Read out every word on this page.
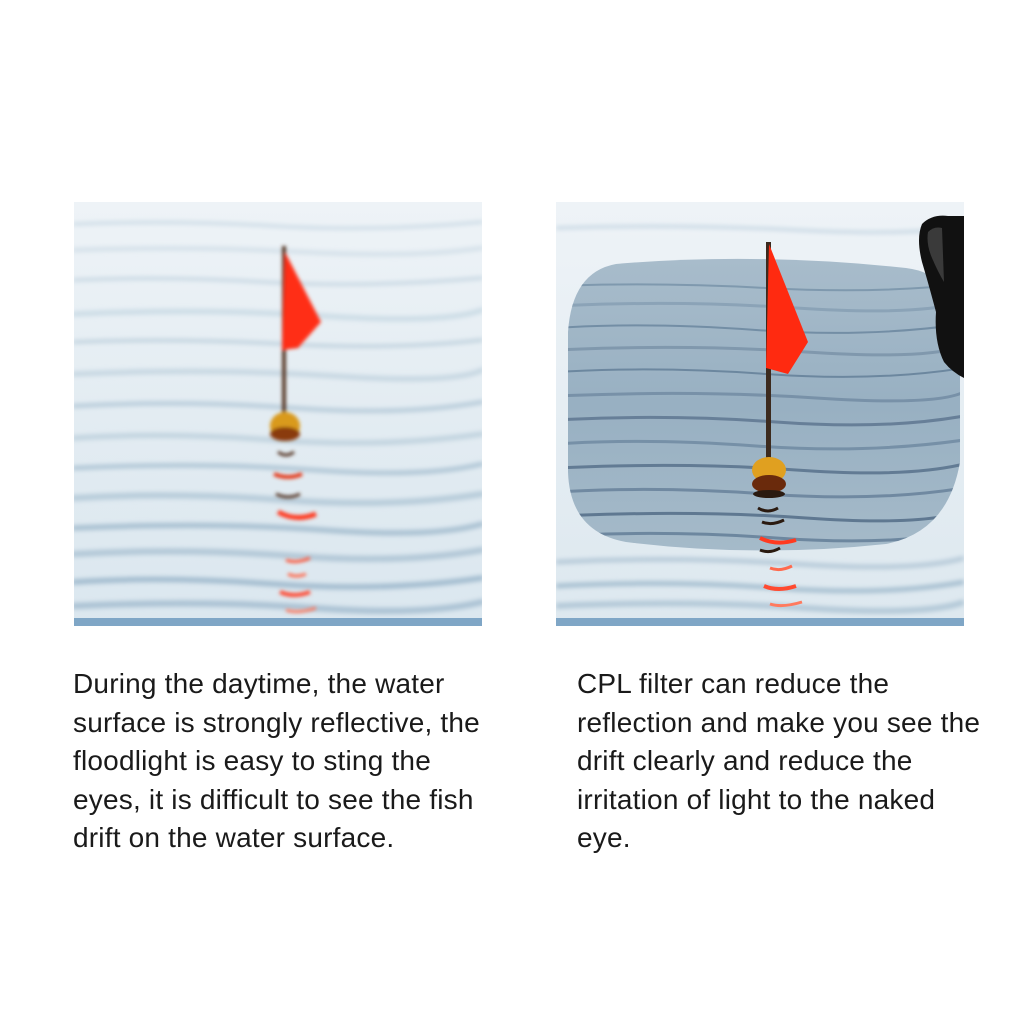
During the daytime, the water surface is strongly reflective, the floodlight is easy to sting the eyes, it is difficult to see the fish drift on the water surface.

CPL filter can reduce the reflection and make you see the drift clearly and reduce the irritation of light to the naked eye.
